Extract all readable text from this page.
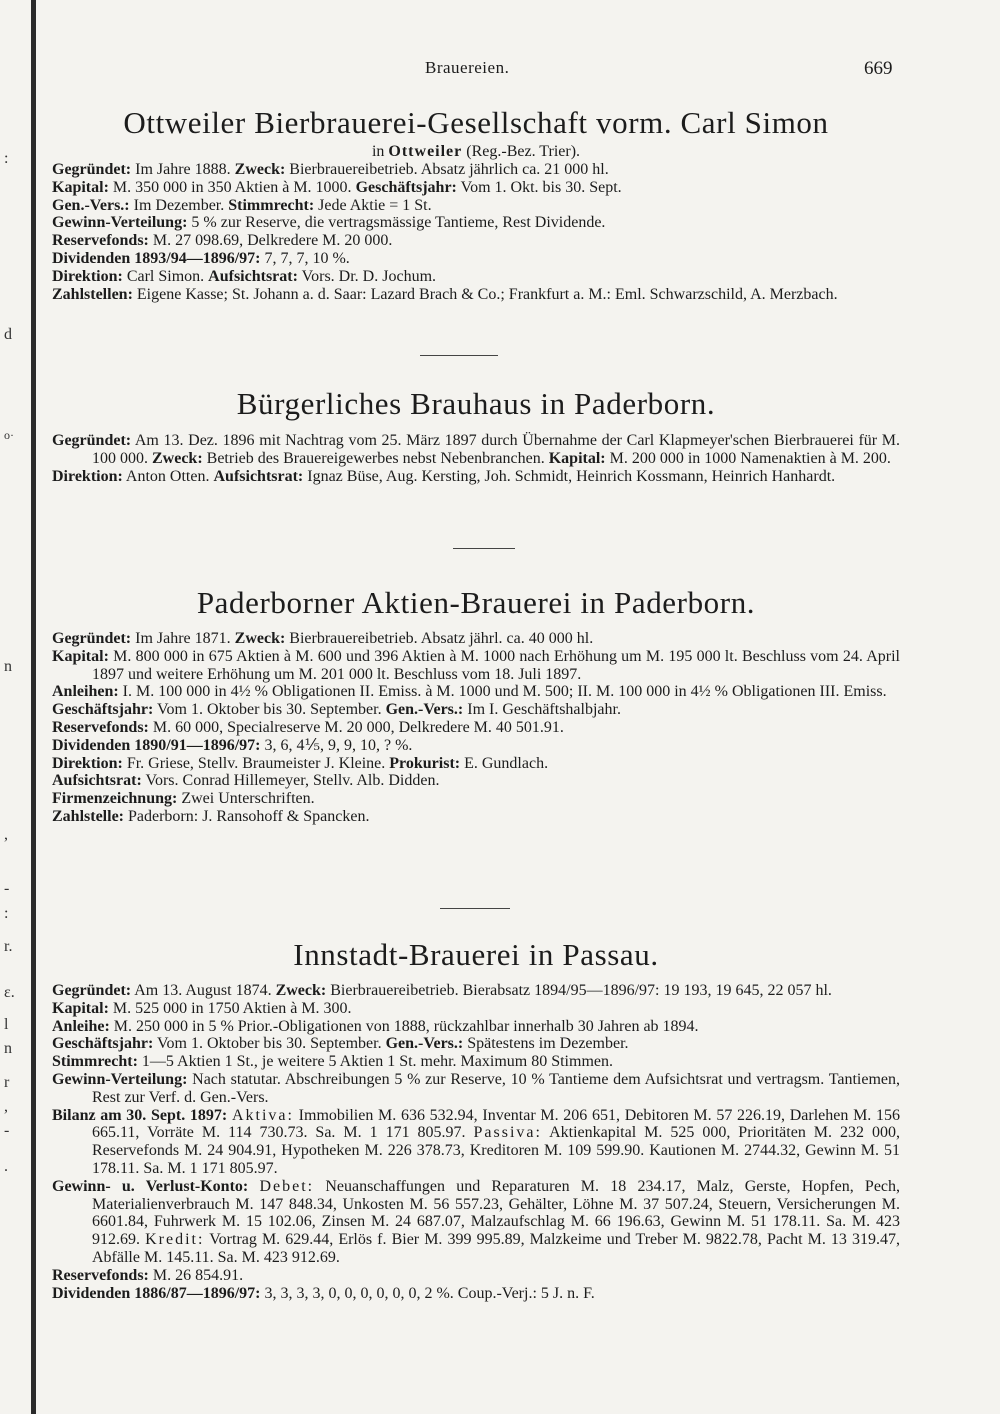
:
d
o·
n
,
-
:
r.
ɛ.
l
n
r
,
-
.
Brauereien.	669
Ottweiler Bierbrauerei-Gesellschaft vorm. Carl Simon
in Ottweiler (Reg.-Bez. Trier).
Gegründet: Im Jahre 1888. Zweck: Bierbrauereibetrieb. Absatz jährlich ca. 21 000 hl.
Kapital: M. 350 000 in 350 Aktien à M. 1000. Geschäftsjahr: Vom 1. Okt. bis 30. Sept.
Gen.-Vers.: Im Dezember. Stimmrecht: Jede Aktie = 1 St.
Gewinn-Verteilung: 5 % zur Reserve, die vertragsmässige Tantieme, Rest Dividende.
Reservefonds: M. 27 098.69, Delkredere M. 20 000.
Dividenden 1893/94—1896/97: 7, 7, 7, 10 %.
Direktion: Carl Simon. Aufsichtsrat: Vors. Dr. D. Jochum.
Zahlstellen: Eigene Kasse; St. Johann a. d. Saar: Lazard Brach & Co.; Frankfurt a. M.: Eml. Schwarzschild, A. Merzbach.
Bürgerliches Brauhaus in Paderborn.
Gegründet: Am 13. Dez. 1896 mit Nachtrag vom 25. März 1897 durch Übernahme der Carl Klapmeyer'schen Bierbrauerei für M. 100 000. Zweck: Betrieb des Brauereigewerbes nebst Nebenbranchen. Kapital: M. 200 000 in 1000 Namenaktien à M. 200.
Direktion: Anton Otten. Aufsichtsrat: Ignaz Büse, Aug. Kersting, Joh. Schmidt, Heinrich Kossmann, Heinrich Hanhardt.
Paderborner Aktien-Brauerei in Paderborn.
Gegründet: Im Jahre 1871. Zweck: Bierbrauereibetrieb. Absatz jährl. ca. 40 000 hl.
Kapital: M. 800 000 in 675 Aktien à M. 600 und 396 Aktien à M. 1000 nach Erhöhung um M. 195 000 lt. Beschluss vom 24. April 1897 und weitere Erhöhung um M. 201 000 lt. Beschluss vom 18. Juli 1897.
Anleihen: I. M. 100 000 in 4½ % Obligationen II. Emiss. à M. 1000 und M. 500; II. M. 100 000 in 4½ % Obligationen III. Emiss.
Geschäftsjahr: Vom 1. Oktober bis 30. September. Gen.-Vers.: Im I. Geschäftshalbjahr.
Reservefonds: M. 60 000, Specialreserve M. 20 000, Delkredere M. 40 501.91.
Dividenden 1890/91—1896/97: 3, 6, 4⅕, 9, 9, 10, ? %.
Direktion: Fr. Griese, Stellv. Braumeister J. Kleine. Prokurist: E. Gundlach.
Aufsichtsrat: Vors. Conrad Hillemeyer, Stellv. Alb. Didden.
Firmenzeichnung: Zwei Unterschriften.
Zahlstelle: Paderborn: J. Ransohoff & Spancken.
Innstadt-Brauerei in Passau.
Gegründet: Am 13. August 1874. Zweck: Bierbrauereibetrieb. Bierabsatz 1894/95—1896/97: 19 193, 19 645, 22 057 hl.
Kapital: M. 525 000 in 1750 Aktien à M. 300.
Anleihe: M. 250 000 in 5 % Prior.-Obligationen von 1888, rückzahlbar innerhalb 30 Jahren ab 1894.
Geschäftsjahr: Vom 1. Oktober bis 30. September. Gen.-Vers.: Spätestens im Dezember.
Stimmrecht: 1—5 Aktien 1 St., je weitere 5 Aktien 1 St. mehr. Maximum 80 Stimmen.
Gewinn-Verteilung: Nach statutar. Abschreibungen 5 % zur Reserve, 10 % Tantieme dem Aufsichtsrat und vertragsm. Tantiemen, Rest zur Verf. d. Gen.-Vers.
Bilanz am 30. Sept. 1897: Aktiva: Immobilien M. 636 532.94, Inventar M. 206 651, Debitoren M. 57 226.19, Darlehen M. 156 665.11, Vorräte M. 114 730.73. Sa. M. 1 171 805.97. Passiva: Aktienkapital M. 525 000, Prioritäten M. 232 000, Reservefonds M. 24 904.91, Hypotheken M. 226 378.73, Kreditoren M. 109 599.90. Kautionen M. 2744.32, Gewinn M. 51 178.11. Sa. M. 1 171 805.97.
Gewinn- u. Verlust-Konto: Debet: Neuanschaffungen und Reparaturen M. 18 234.17, Malz, Gerste, Hopfen, Pech, Materialienverbrauch M. 147 848.34, Unkosten M. 56 557.23, Gehälter, Löhne M. 37 507.24, Steuern, Versicherungen M. 6601.84, Fuhrwerk M. 15 102.06, Zinsen M. 24 687.07, Malzaufschlag M. 66 196.63, Gewinn M. 51 178.11. Sa. M. 423 912.69. Kredit: Vortrag M. 629.44, Erlös f. Bier M. 399 995.89, Malzkeime und Treber M. 9822.78, Pacht M. 13 319.47, Abfälle M. 145.11. Sa. M. 423 912.69.
Reservefonds: M. 26 854.91.
Dividenden 1886/87—1896/97: 3, 3, 3, 3, 0, 0, 0, 0, 0, 0, 2 %. Coup.-Verj.: 5 J. n. F.
